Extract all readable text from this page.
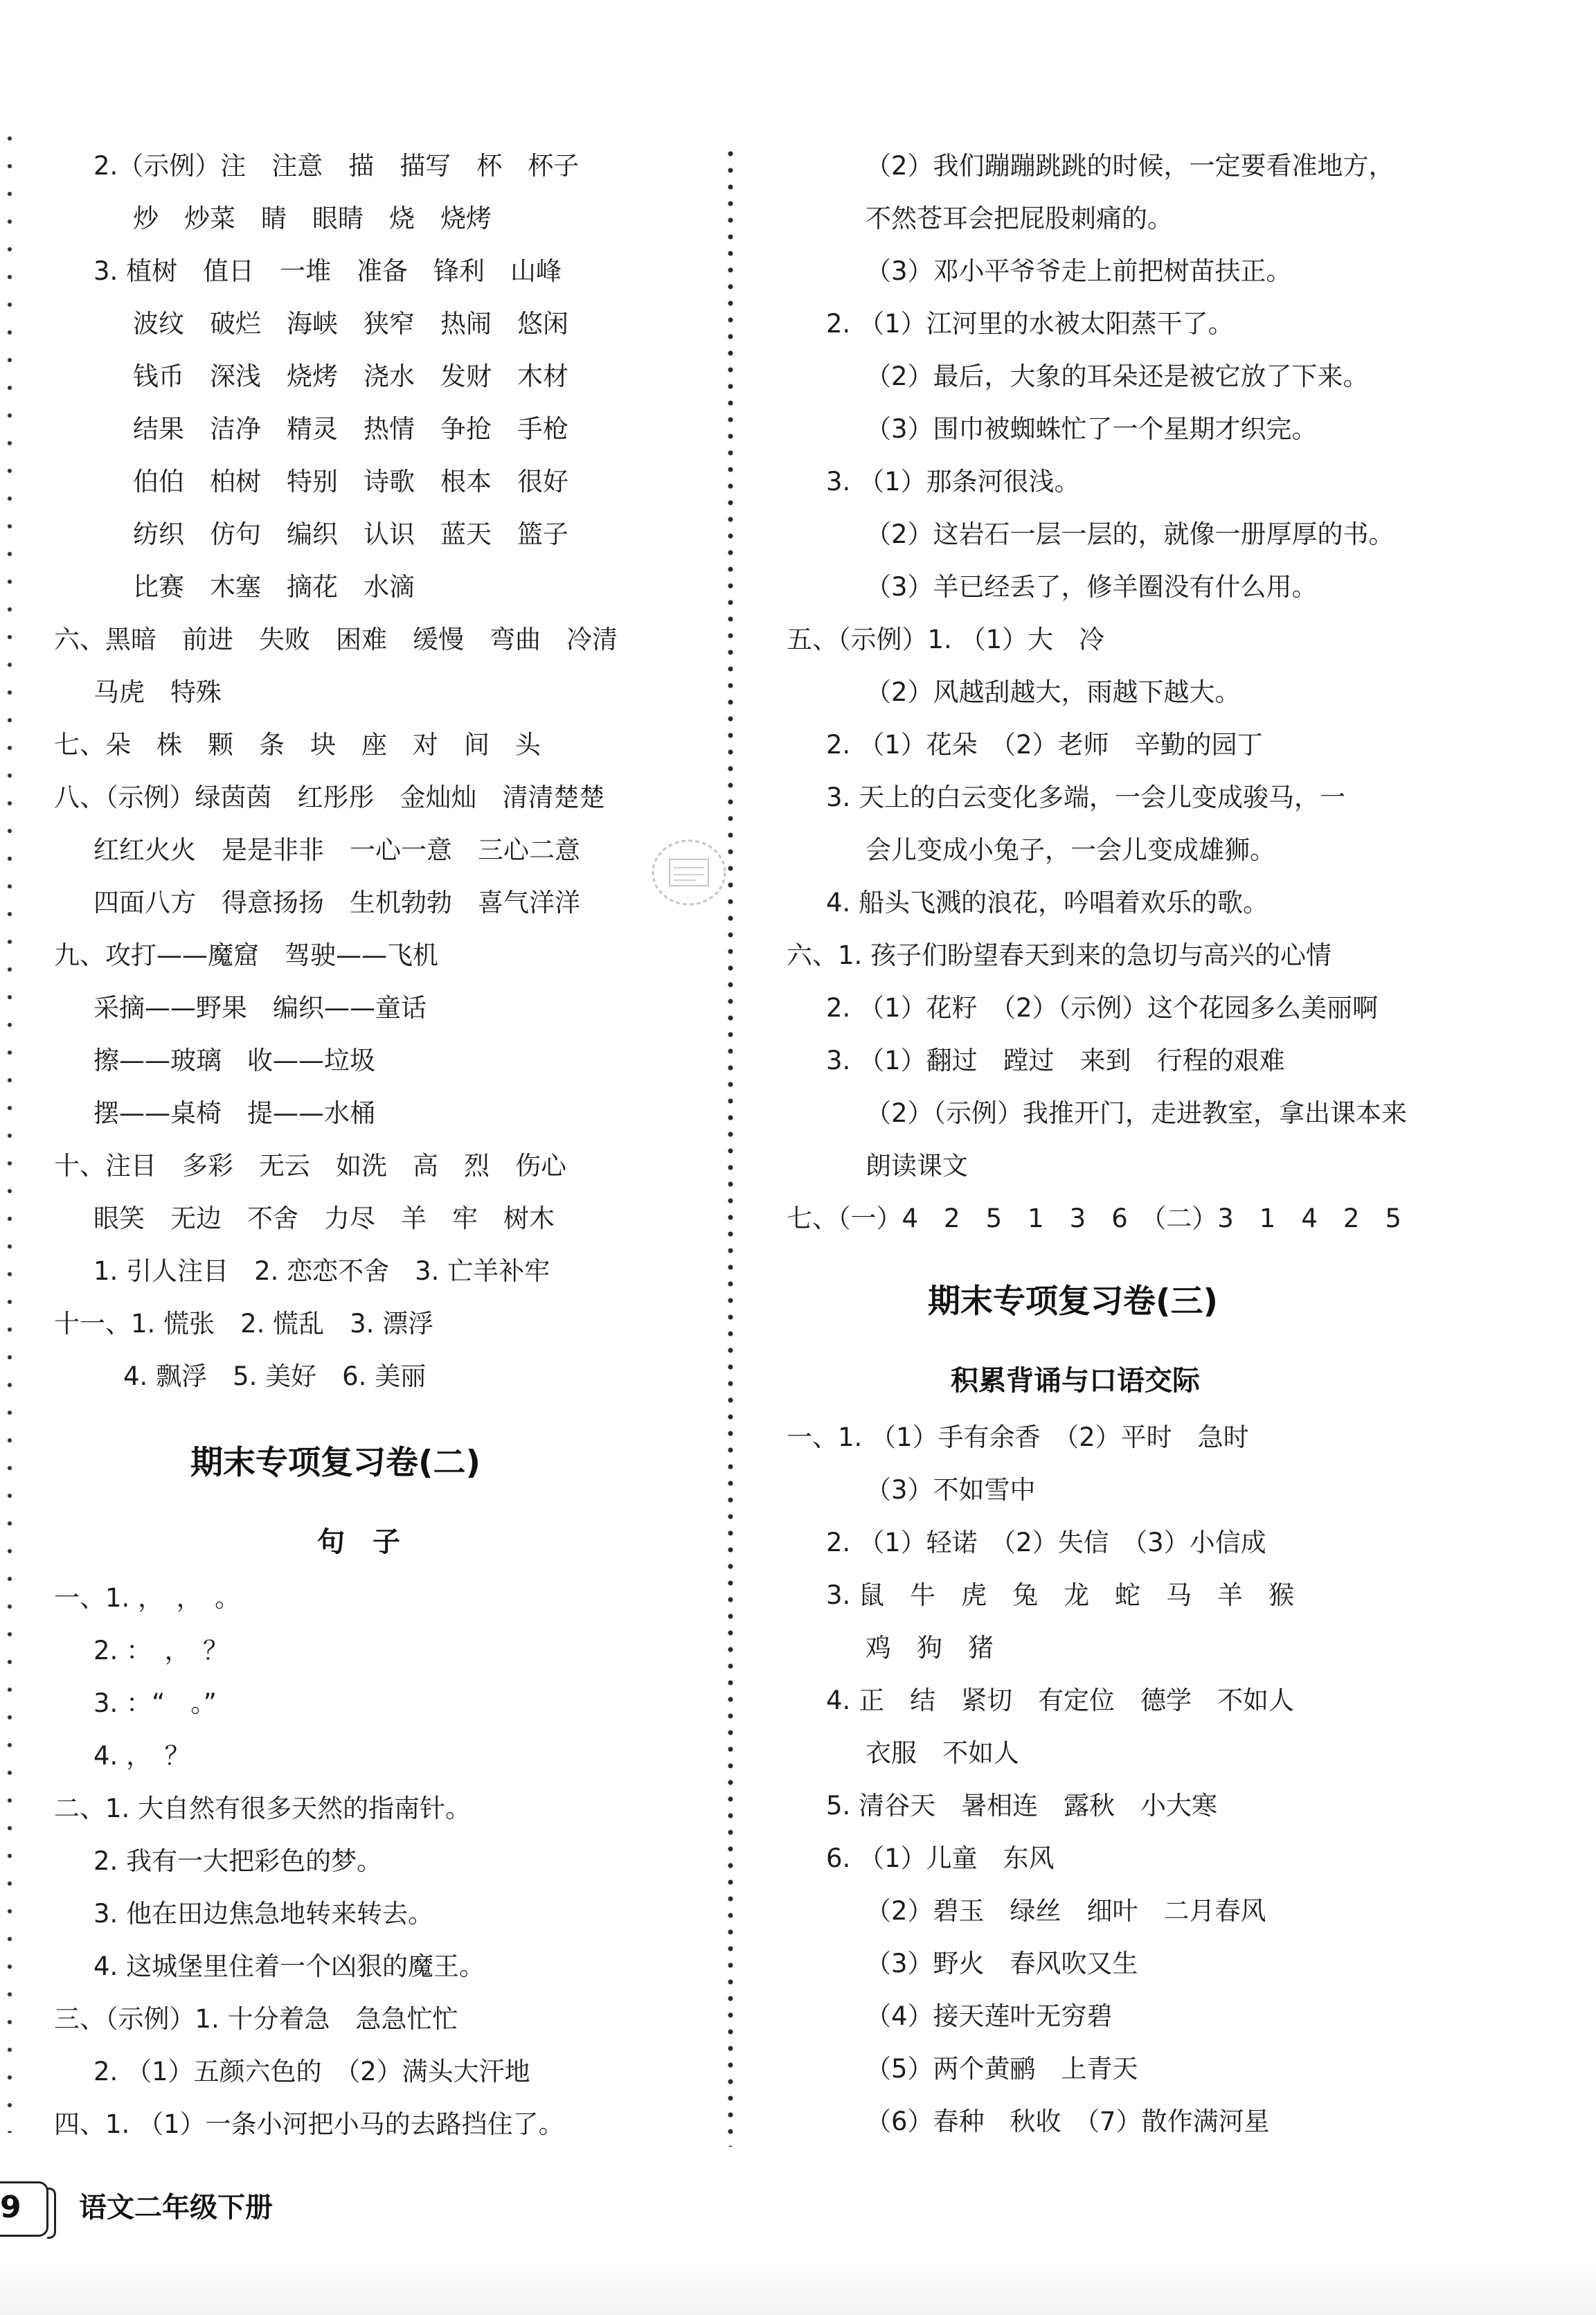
2.（示例）注　注意　描　描写　杯　杯子
炒　炒菜　睛　眼睛　烧　烧烤
3. 植树　值日　一堆　准备　锋利　山峰
波纹　破烂　海峡　狭窄　热闹　悠闲
钱币　深浅　烧烤　浇水　发财　木材
结果　洁净　精灵　热情　争抢　手枪
伯伯　柏树　特别　诗歌　根本　很好
纺织　仿句　编织　认识　蓝天　篮子
比赛　木塞　摘花　水滴
六、黑暗　前进　失败　困难　缓慢　弯曲　冷清
马虎　特殊
七、朵　株　颗　条　块　座　对　间　头
八、（示例）绿茵茵　红彤彤　金灿灿　清清楚楚
红红火火　是是非非　一心一意　三心二意
四面八方　得意扬扬　生机勃勃　喜气洋洋
九、攻打——魔窟　驾驶——飞机
采摘——野果　编织——童话
擦——玻璃　收——垃圾
摆——桌椅　提——水桶
十、注目　多彩　无云　如洗　高　烈　伤心
眼笑　无边　不舍　力尽　羊　牢　树木
1. 引人注目　2. 恋恋不舍　3. 亡羊补牢
十一、1. 慌张　2. 慌乱　3. 漂浮
4. 飘浮　5. 美好　6. 美丽
期末专项复习卷(二)
句　子
一、1. ，　，　。
2. ：　，　？
3. ：“　。”
4. ，　？
二、1. 大自然有很多天然的指南针。
2. 我有一大把彩色的梦。
3. 他在田边焦急地转来转去。
4. 这城堡里住着一个凶狠的魔王。
三、（示例）1. 十分着急　急急忙忙
2. （1）五颜六色的　（2）满头大汗地
四、1. （1）一条小河把小马的去路挡住了。
（2）我们蹦蹦跳跳的时候，一定要看准地方，
不然苍耳会把屁股刺痛的。
（3）邓小平爷爷走上前把树苗扶正。
2. （1）江河里的水被太阳蒸干了。
（2）最后，大象的耳朵还是被它放了下来。
（3）围巾被蜘蛛忙了一个星期才织完。
3. （1）那条河很浅。
（2）这岩石一层一层的，就像一册厚厚的书。
（3）羊已经丢了，修羊圈没有什么用。
五、（示例）1. （1）大　冷
（2）风越刮越大，雨越下越大。
2. （1）花朵　（2）老师　辛勤的园丁
3. 天上的白云变化多端，一会儿变成骏马，一
会儿变成小兔子，一会儿变成雄狮。
4. 船头飞溅的浪花，吟唱着欢乐的歌。
六、1. 孩子们盼望春天到来的急切与高兴的心情
2. （1）花籽　（2）（示例）这个花园多么美丽啊
3. （1）翻过　蹚过　来到　行程的艰难
（2）（示例）我推开门，走进教室，拿出课本来
朗读课文
七、（一）4　2　5　1　3　6　（二）3　1　4　2　5
期末专项复习卷(三)
积累背诵与口语交际
一、1. （1）手有余香　（2）平时　急时
（3）不如雪中
2. （1）轻诺　（2）失信　（3）小信成
3. 鼠　牛　虎　兔　龙　蛇　马　羊　猴
鸡　狗　猪
4. 正　结　紧切　有定位　德学　不如人
衣服　不如人
5. 清谷天　暑相连　露秋　小大寒
6. （1）儿童　东风
（2）碧玉　绿丝　细叶　二月春风
（3）野火　春风吹又生
（4）接天莲叶无穷碧
（5）两个黄鹂　上青天
（6）春种　秋收　（7）散作满河星
9 语文二年级下册
